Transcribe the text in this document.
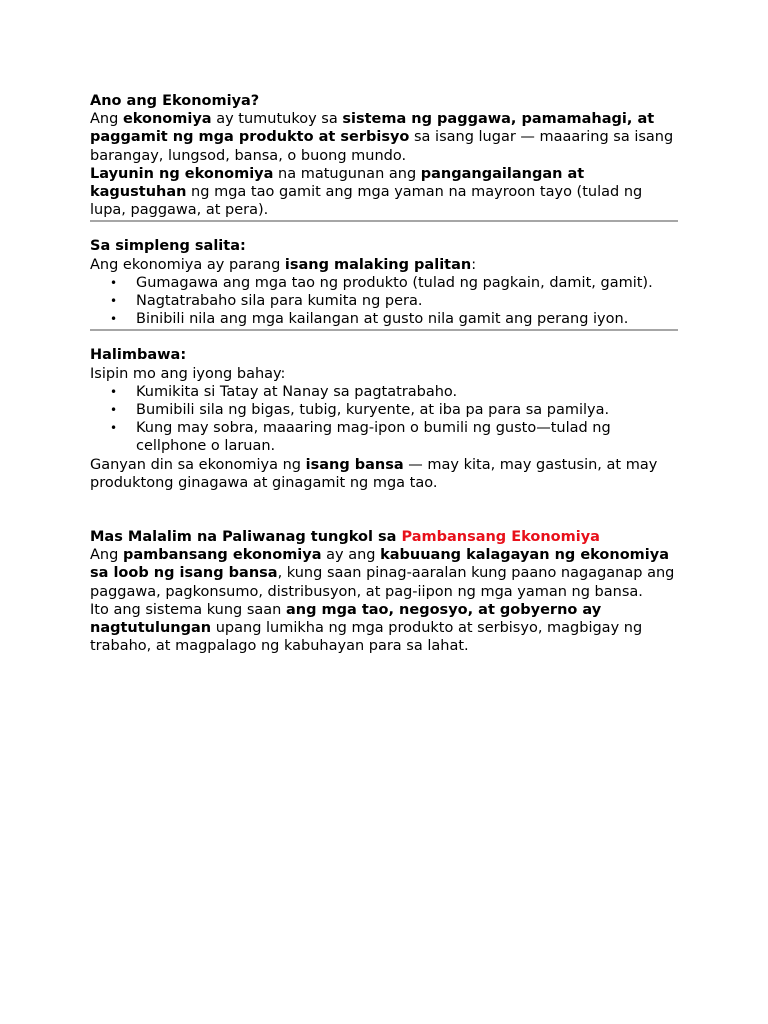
Ano ang Ekonomiya?

Ang ekonomiya ay tumutukoy sa sistema ng paggawa, pamamahagi, at paggamit ng mga produkto at serbisyo sa isang lugar — maaaring sa isang barangay, lungsod, bansa, o buong mundo.

Layunin ng ekonomiya na matugunan ang pangangailangan at kagustuhan ng mga tao gamit ang mga yaman na mayroon tayo (tulad ng lupa, paggawa, at pera).

Sa simpleng salita:

Ang ekonomiya ay parang isang malaking palitan:

• Gumagawa ang mga tao ng produkto (tulad ng pagkain, damit, gamit).
• Nagtatrabaho sila para kumita ng pera.
• Binibili nila ang mga kailangan at gusto nila gamit ang perang iyon.

Halimbawa:

Isipin mo ang iyong bahay:

• Kumikita si Tatay at Nanay sa pagtatrabaho.
• Bumibili sila ng bigas, tubig, kuryente, at iba pa para sa pamilya.
• Kung may sobra, maaaring mag-ipon o bumili ng gusto—tulad ng cellphone o laruan.

Ganyan din sa ekonomiya ng isang bansa — may kita, may gastusin, at may produktong ginagawa at ginagamit ng mga tao.

Mas Malalim na Paliwanag tungkol sa Pambansang Ekonomiya

Ang pambansang ekonomiya ay ang kabuuang kalagayan ng ekonomiya sa loob ng isang bansa, kung saan pinag-aaralan kung paano nagaganap ang paggawa, pagkonsumo, distribusyon, at pag-iipon ng mga yaman ng bansa.

Ito ang sistema kung saan ang mga tao, negosyo, at gobyerno ay nagtutulungan upang lumikha ng mga produkto at serbisyo, magbigay ng trabaho, at magpalago ng kabuhayan para sa lahat.
